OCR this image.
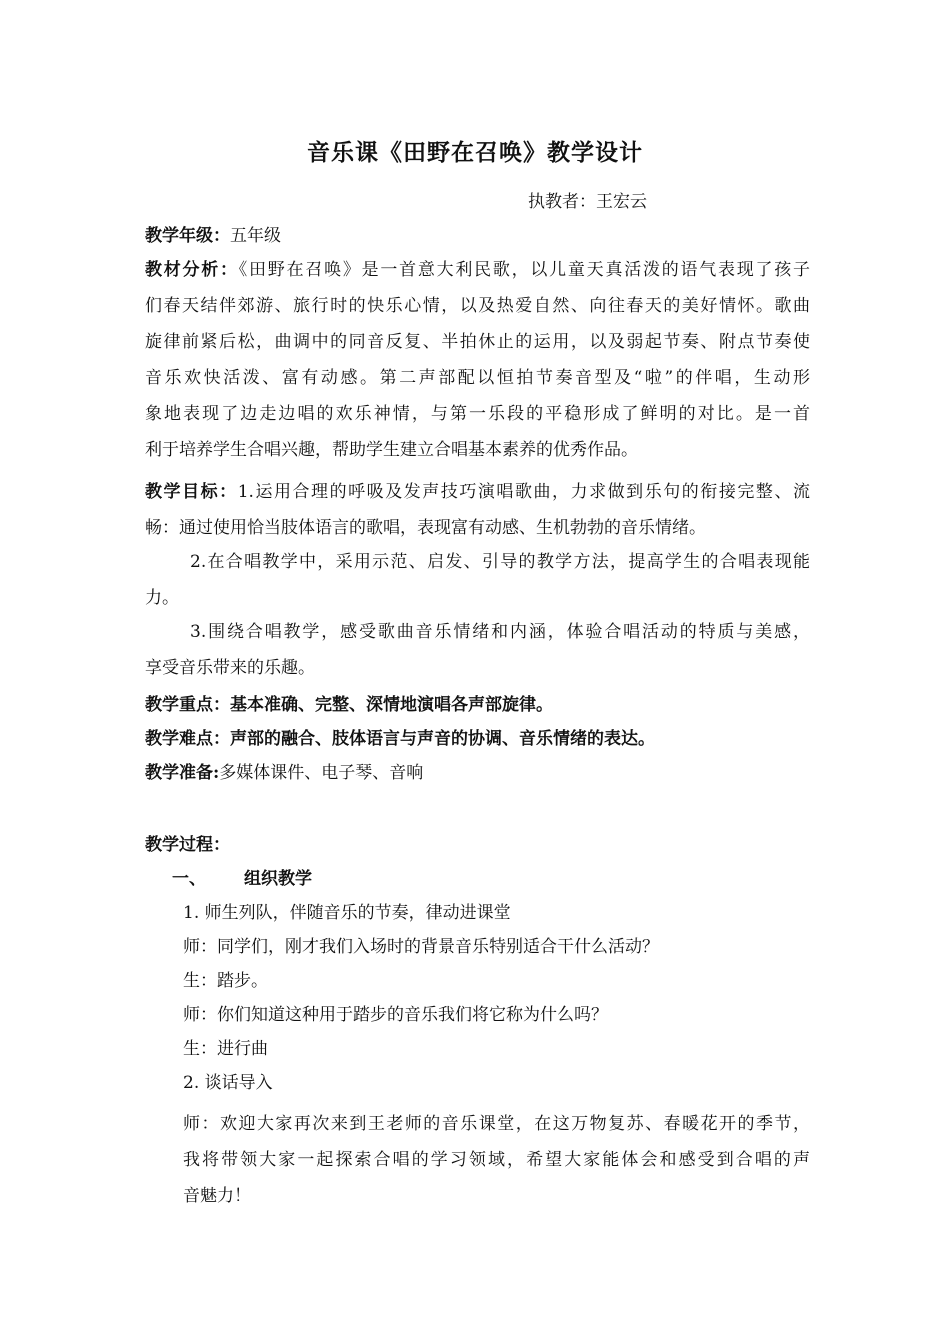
音乐课《田野在召唤》教学设计
执教者：王宏云
教学年级：五年级
教材分析：《田野在召唤》是一首意大利民歌，以儿童天真活泼的语气表现了孩子
们春天结伴郊游、旅行时的快乐心情，以及热爱自然、向往春天的美好情怀。歌曲
旋律前紧后松，曲调中的同音反复、半拍休止的运用，以及弱起节奏、附点节奏使
音乐欢快活泼、富有动感。第二声部配以恒拍节奏音型及“啦”的伴唱，生动形
象地表现了边走边唱的欢乐神情，与第一乐段的平稳形成了鲜明的对比。是一首
利于培养学生合唱兴趣，帮助学生建立合唱基本素养的优秀作品。
教学目标：1.运用合理的呼吸及发声技巧演唱歌曲，力求做到乐句的衔接完整、流
畅：通过使用恰当肢体语言的歌唱，表现富有动感、生机勃勃的音乐情绪。
2.在合唱教学中，采用示范、启发、引导的教学方法，提高学生的合唱表现能
力。
3.围绕合唱教学，感受歌曲音乐情绪和内涵，体验合唱活动的特质与美感，
享受音乐带来的乐趣。
教学重点：基本准确、完整、深情地演唱各声部旋律。
教学难点：声部的融合、肢体语言与声音的协调、音乐情绪的表达。
教学准备:多媒体课件、电子琴、音响
教学过程：
一、 组织教学
1. 师生列队，伴随音乐的节奏，律动进课堂
师：同学们，刚才我们入场时的背景音乐特别适合干什么活动？
生：踏步。
师：你们知道这种用于踏步的音乐我们将它称为什么吗？
生：进行曲
2. 谈话导入
师：欢迎大家再次来到王老师的音乐课堂，在这万物复苏、春暖花开的季节，
我将带领大家一起探索合唱的学习领域，希望大家能体会和感受到合唱的声
音魅力！
